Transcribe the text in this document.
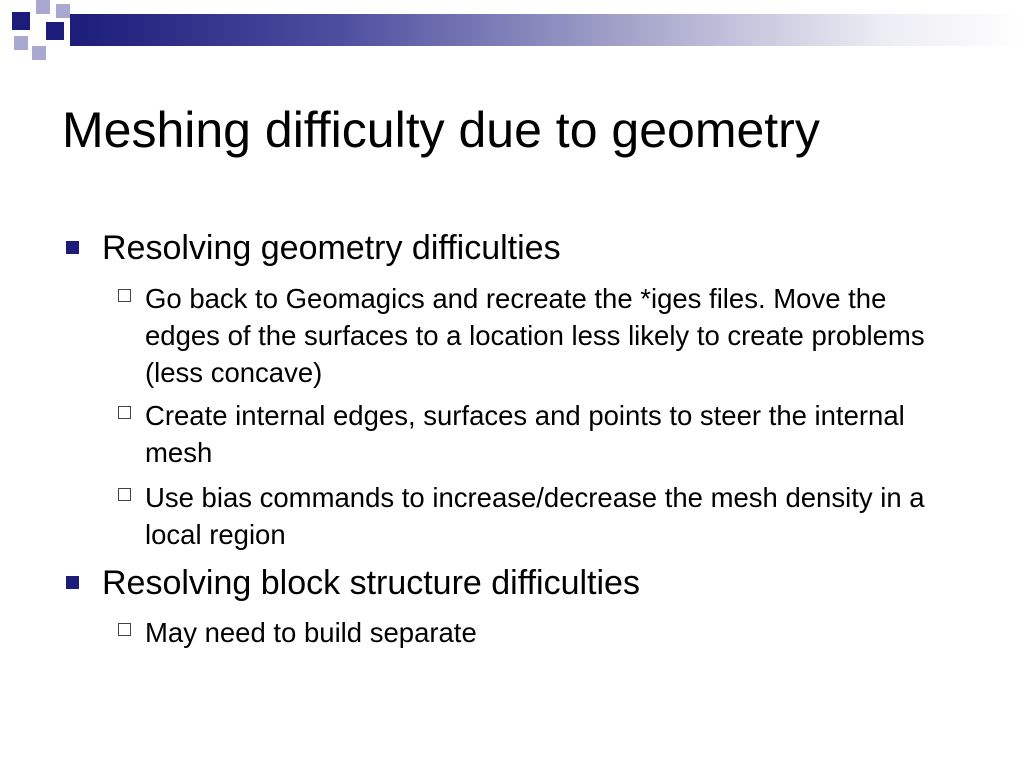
Meshing difficulty due to geometry
Resolving geometry difficulties
Go back to Geomagics and recreate the *iges files. Move the edges of the surfaces to a location less likely to create problems (less concave)
Create internal edges, surfaces and points to steer the internal mesh
Use bias commands to increase/decrease the mesh density in a local region
Resolving block structure difficulties
May need to build separate
